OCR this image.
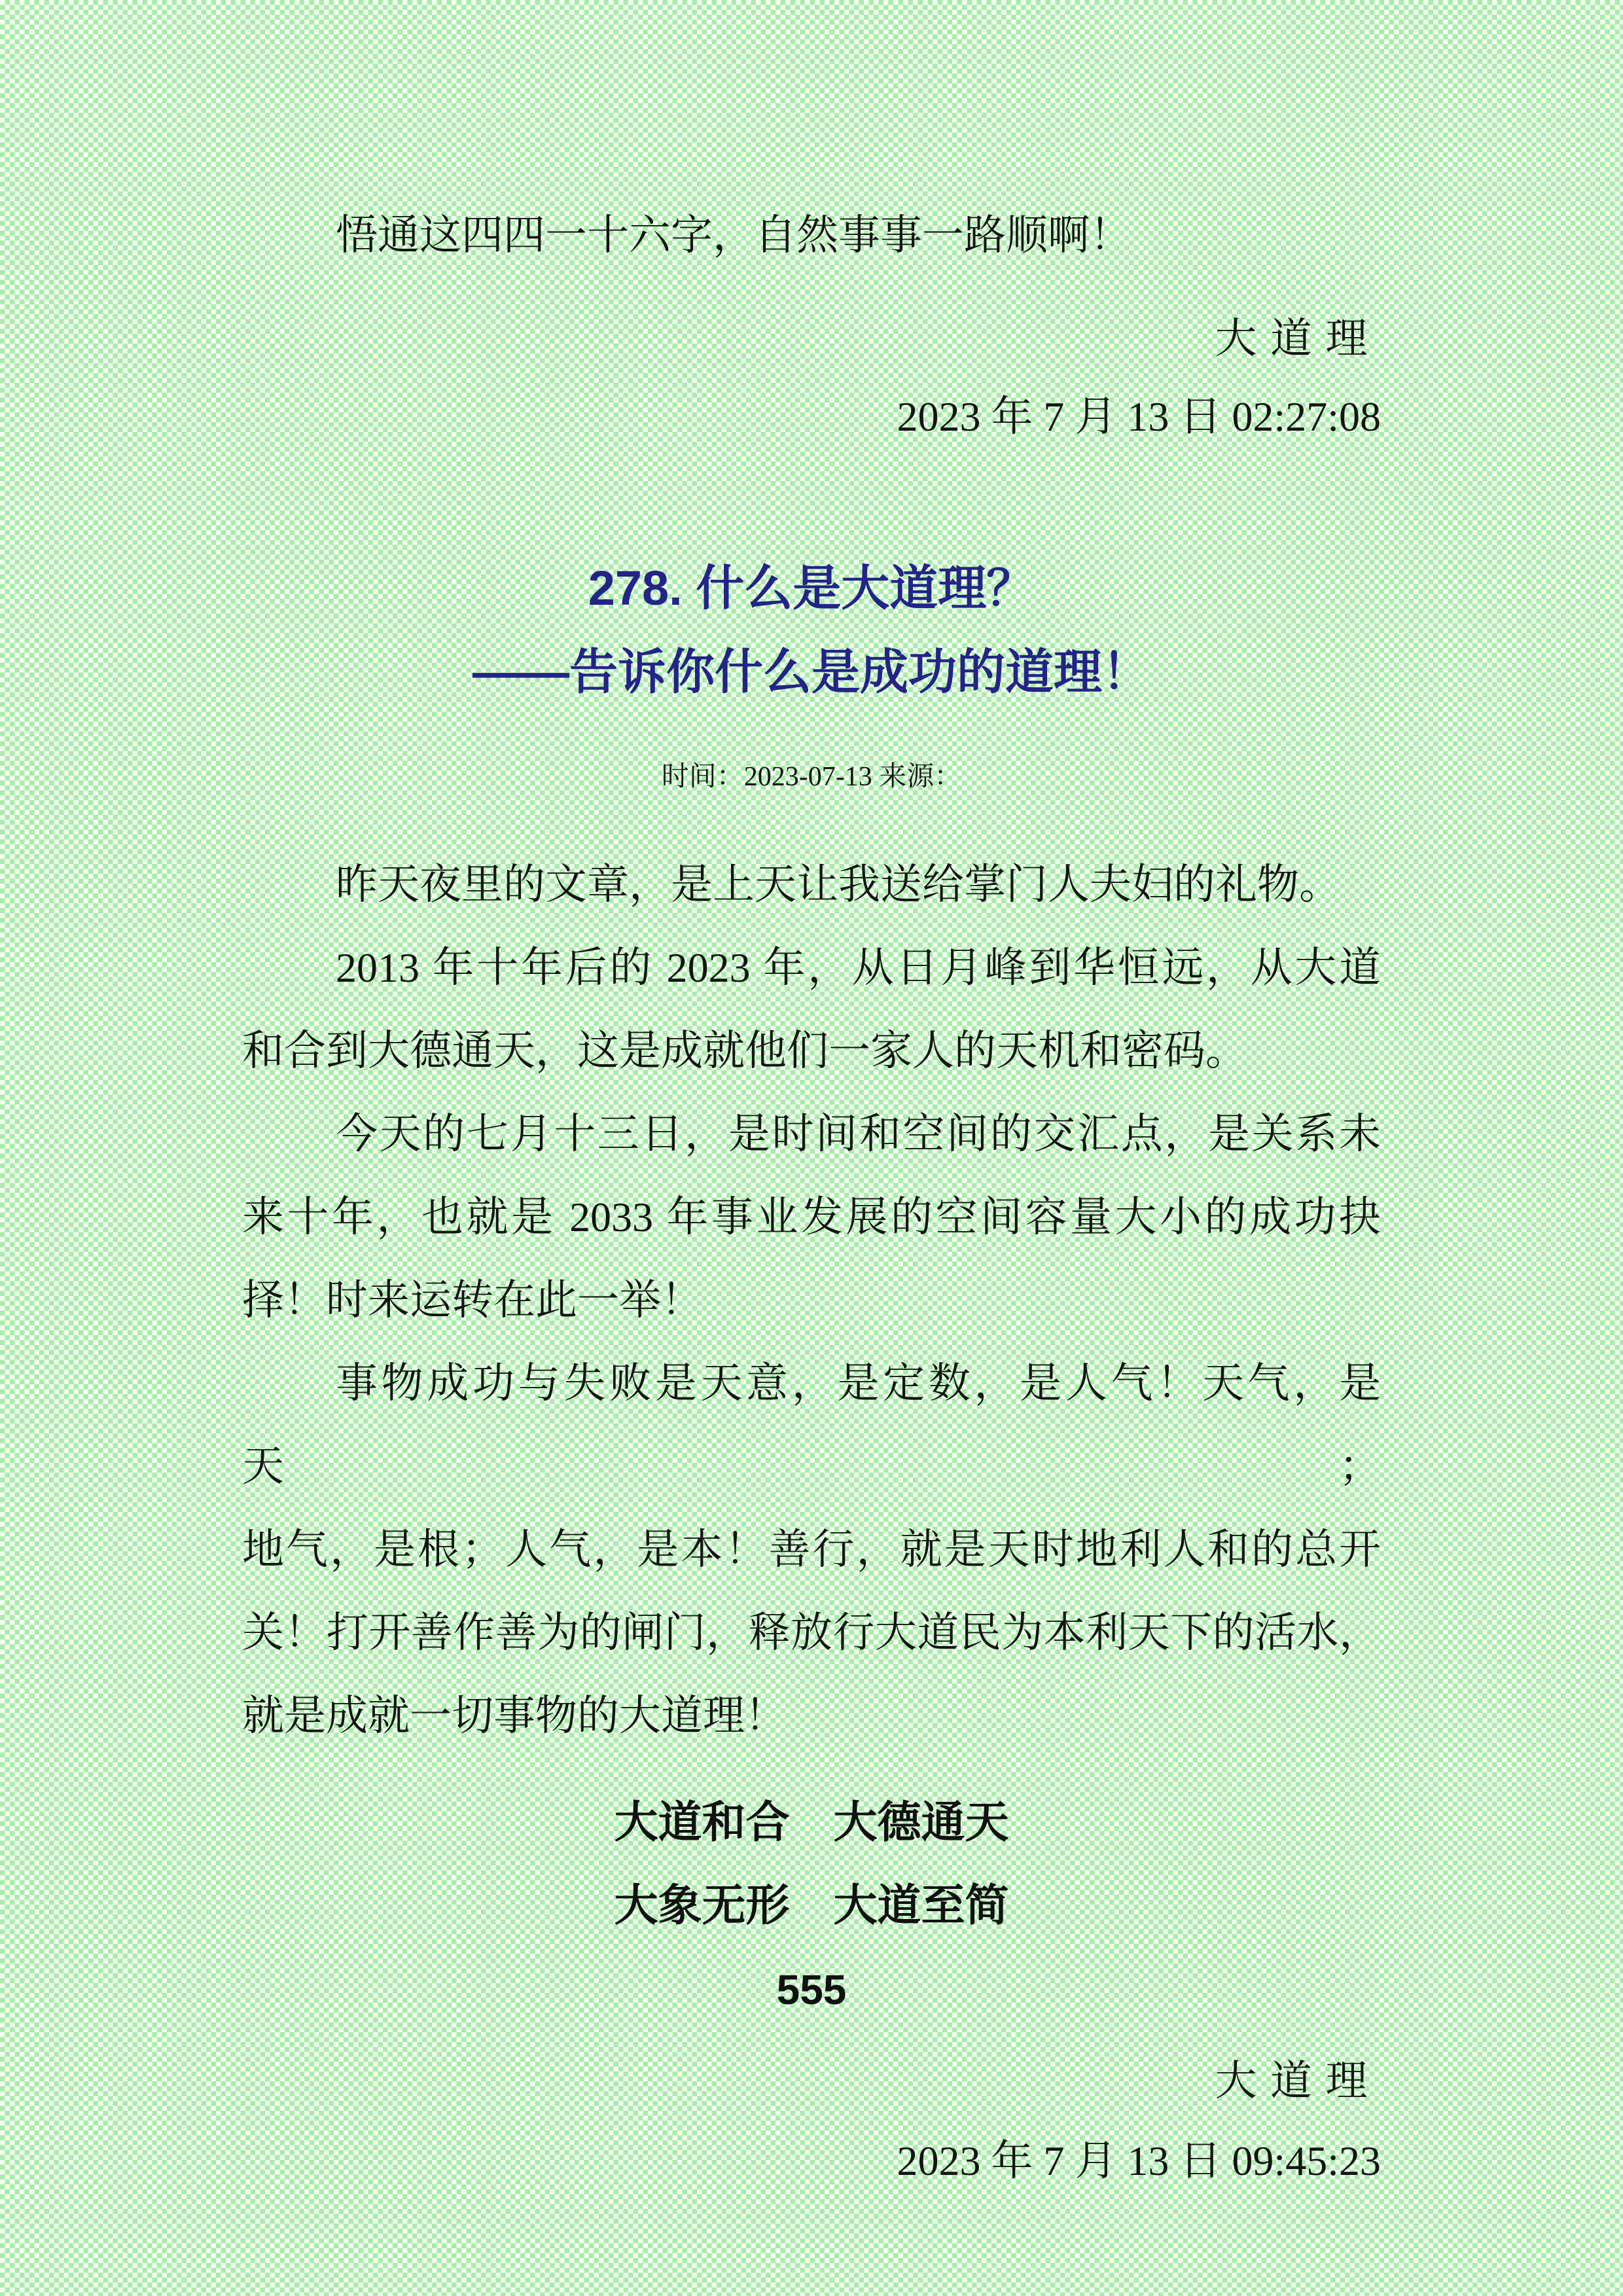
悟通这四四一十六字，自然事事一路顺啊！
大道理
2023 年 7 月 13 日 02:27:08
278. 什么是大道理？
——告诉你什么是成功的道理！
时间：2023-07-13 来源：
昨天夜里的文章，是上天让我送给掌门人夫妇的礼物。
2013 年十年后的 2023 年，从日月峰到华恒远，从大道
和合到大德通天，这是成就他们一家人的天机和密码。
今天的七月十三日，是时间和空间的交汇点，是关系未
来十年，也就是 2033 年事业发展的空间容量大小的成功抉
择！时来运转在此一举！
事物成功与失败是天意，是定数，是人气！天气，是天；
地气，是根；人气，是本！善行，就是天时地利人和的总开
关！打开善作善为的闸门，释放行大道民为本利天下的活水，
就是成就一切事物的大道理！
大道和合　大德通天
大象无形　大道至简
555
大道理
2023 年 7 月 13 日 09:45:23
